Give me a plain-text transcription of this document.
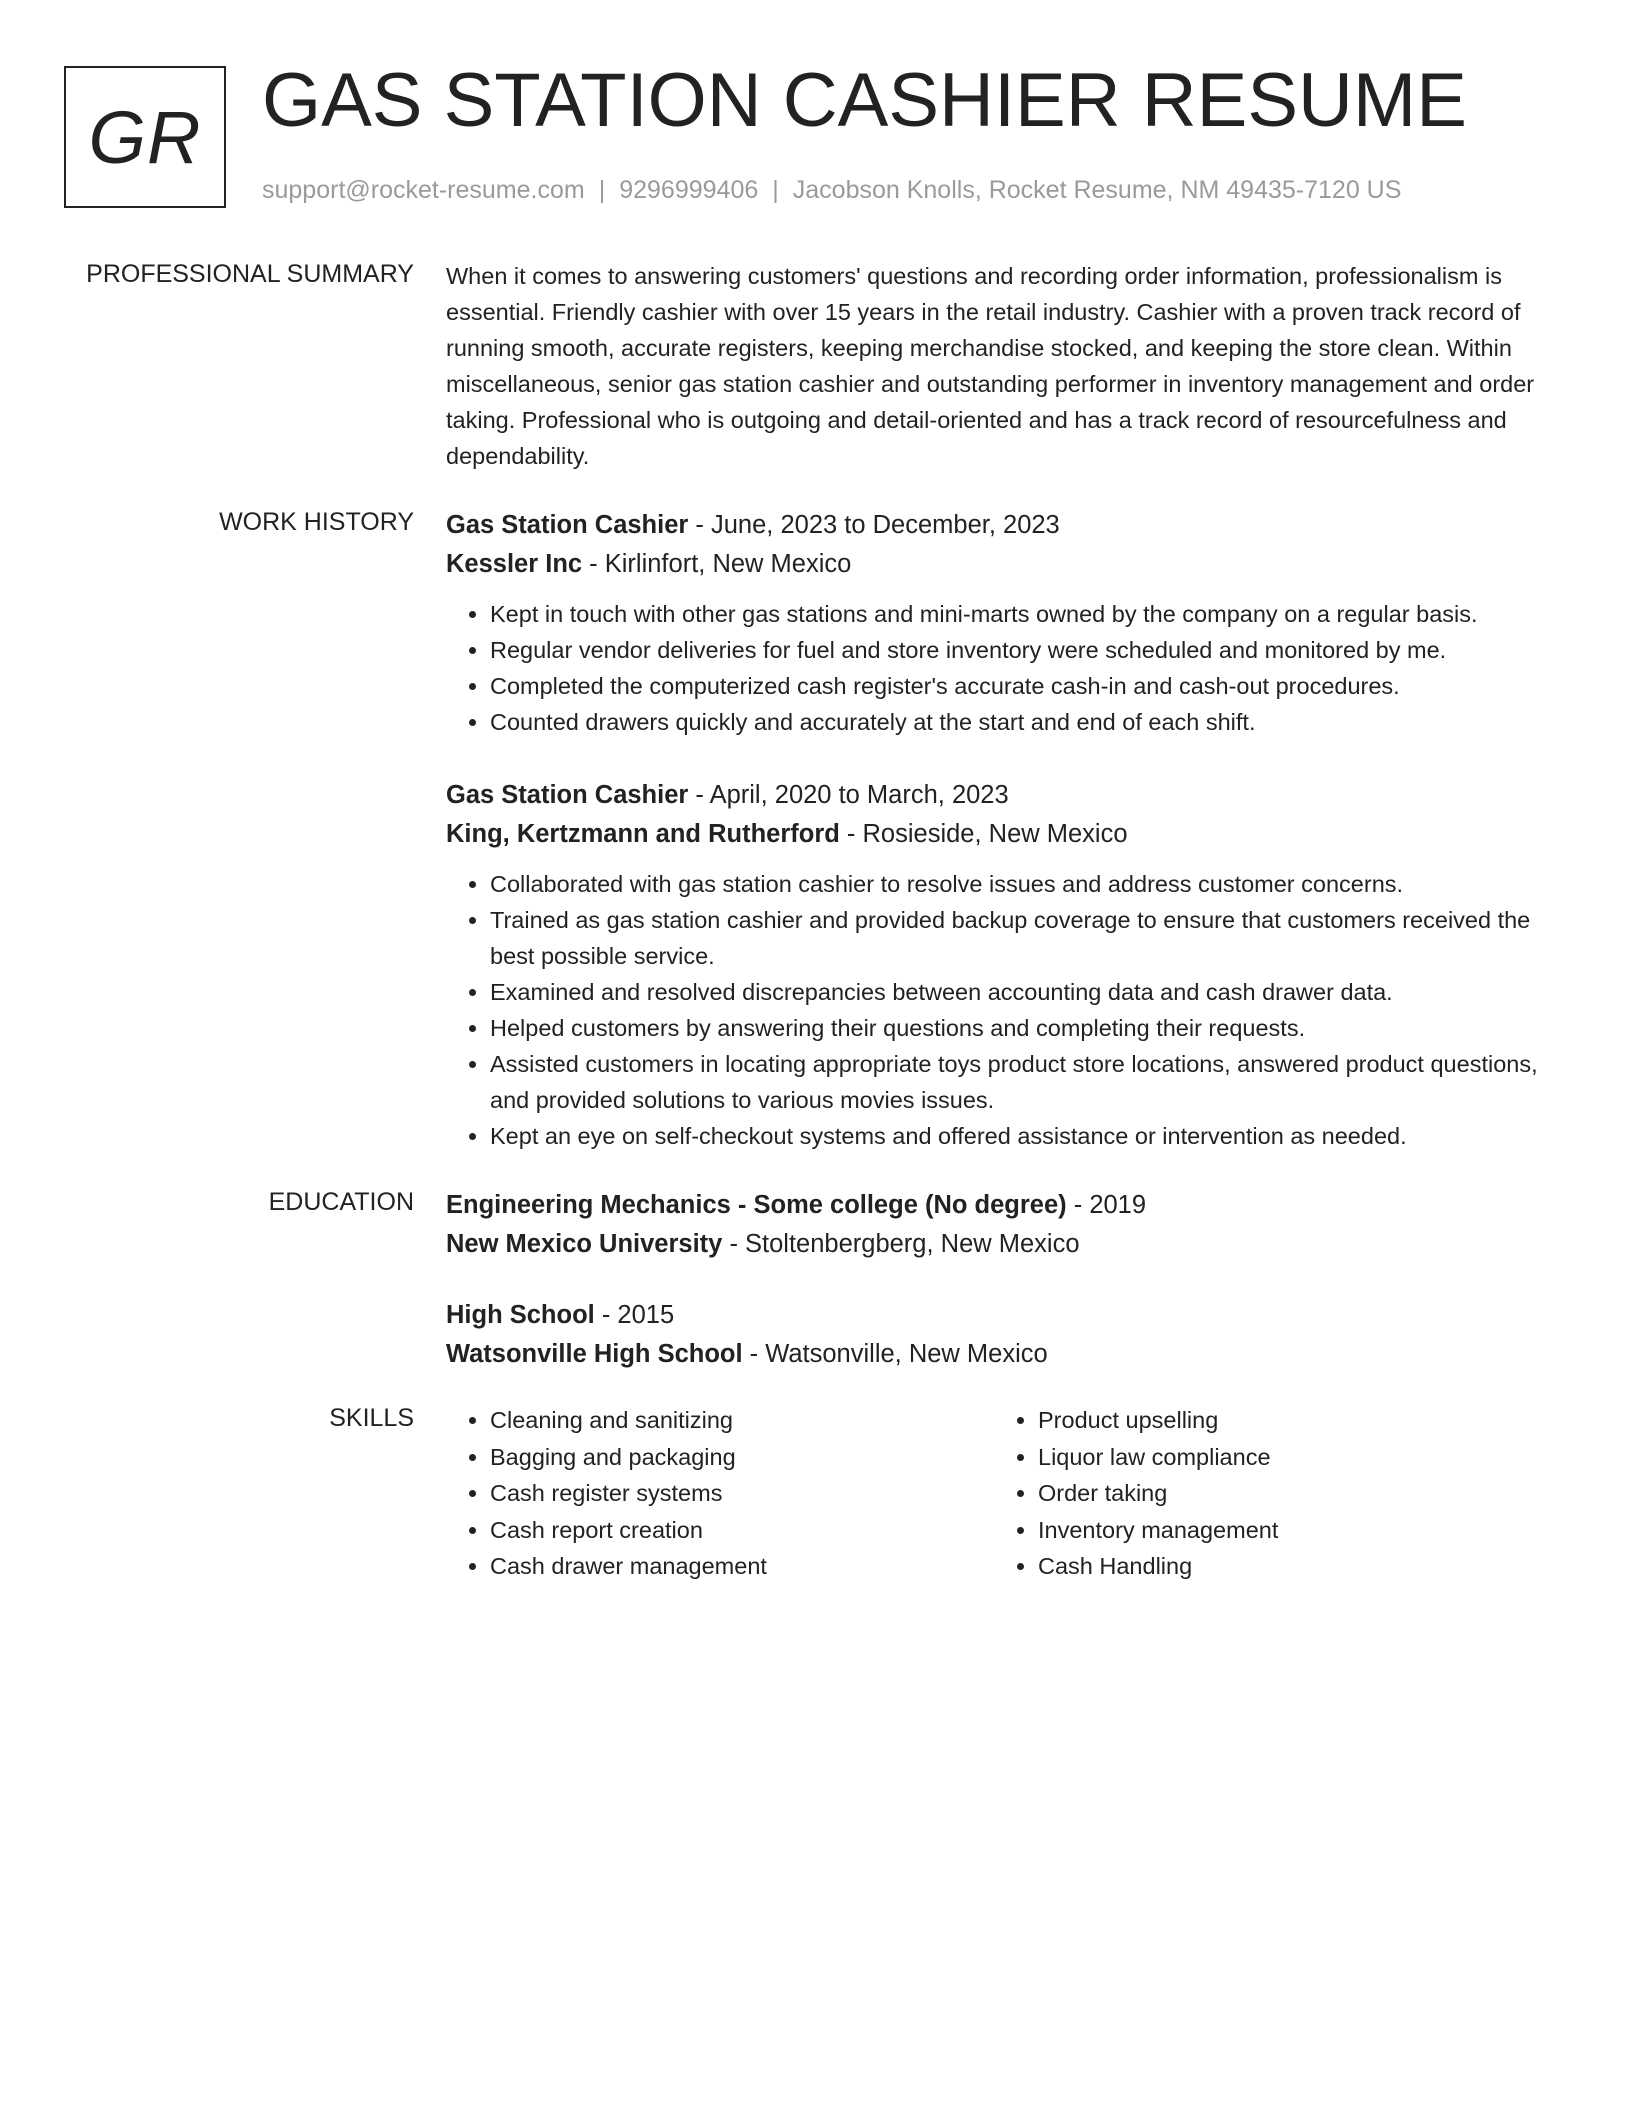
GR GAS STATION CASHIER RESUME
support@rocket-resume.com | 9296999406 | Jacobson Knolls, Rocket Resume, NM 49435-7120 US
PROFESSIONAL SUMMARY When it comes to answering customers' questions and recording order information, professionalism is essential. Friendly cashier with over 15 years in the retail industry. Cashier with a proven track record of running smooth, accurate registers, keeping merchandise stocked, and keeping the store clean. Within miscellaneous, senior gas station cashier and outstanding performer in inventory management and order taking. Professional who is outgoing and detail-oriented and has a track record of resourcefulness and dependability.

WORK HISTORY Gas Station Cashier - June, 2023 to December, 2023
Kessler Inc - Kirlinfort, New Mexico
• Kept in touch with other gas stations and mini-marts owned by the company on a regular basis.
• Regular vendor deliveries for fuel and store inventory were scheduled and monitored by me.
• Completed the computerized cash register's accurate cash-in and cash-out procedures.
• Counted drawers quickly and accurately at the start and end of each shift.
Gas Station Cashier - April, 2020 to March, 2023
King, Kertzmann and Rutherford - Rosieside, New Mexico
• Collaborated with gas station cashier to resolve issues and address customer concerns.
• Trained as gas station cashier and provided backup coverage to ensure that customers received the best possible service.
• Examined and resolved discrepancies between accounting data and cash drawer data.
• Helped customers by answering their questions and completing their requests.
• Assisted customers in locating appropriate toys product store locations, answered product questions, and provided solutions to various movies issues.
• Kept an eye on self-checkout systems and offered assistance or intervention as needed.
EDUCATION Engineering Mechanics - Some college (No degree) - 2019
New Mexico University - Stoltenbergberg, New Mexico
High School - 2015
Watsonville High School - Watsonville, New Mexico
SKILLS
•	Cleaning and sanitizing
• Bagging and packaging
• Cash register systems
• Cash report creation
• Cash drawer management
• Product upselling
• Liquor law compliance
• Order taking
• Inventory management
• Cash Handling
